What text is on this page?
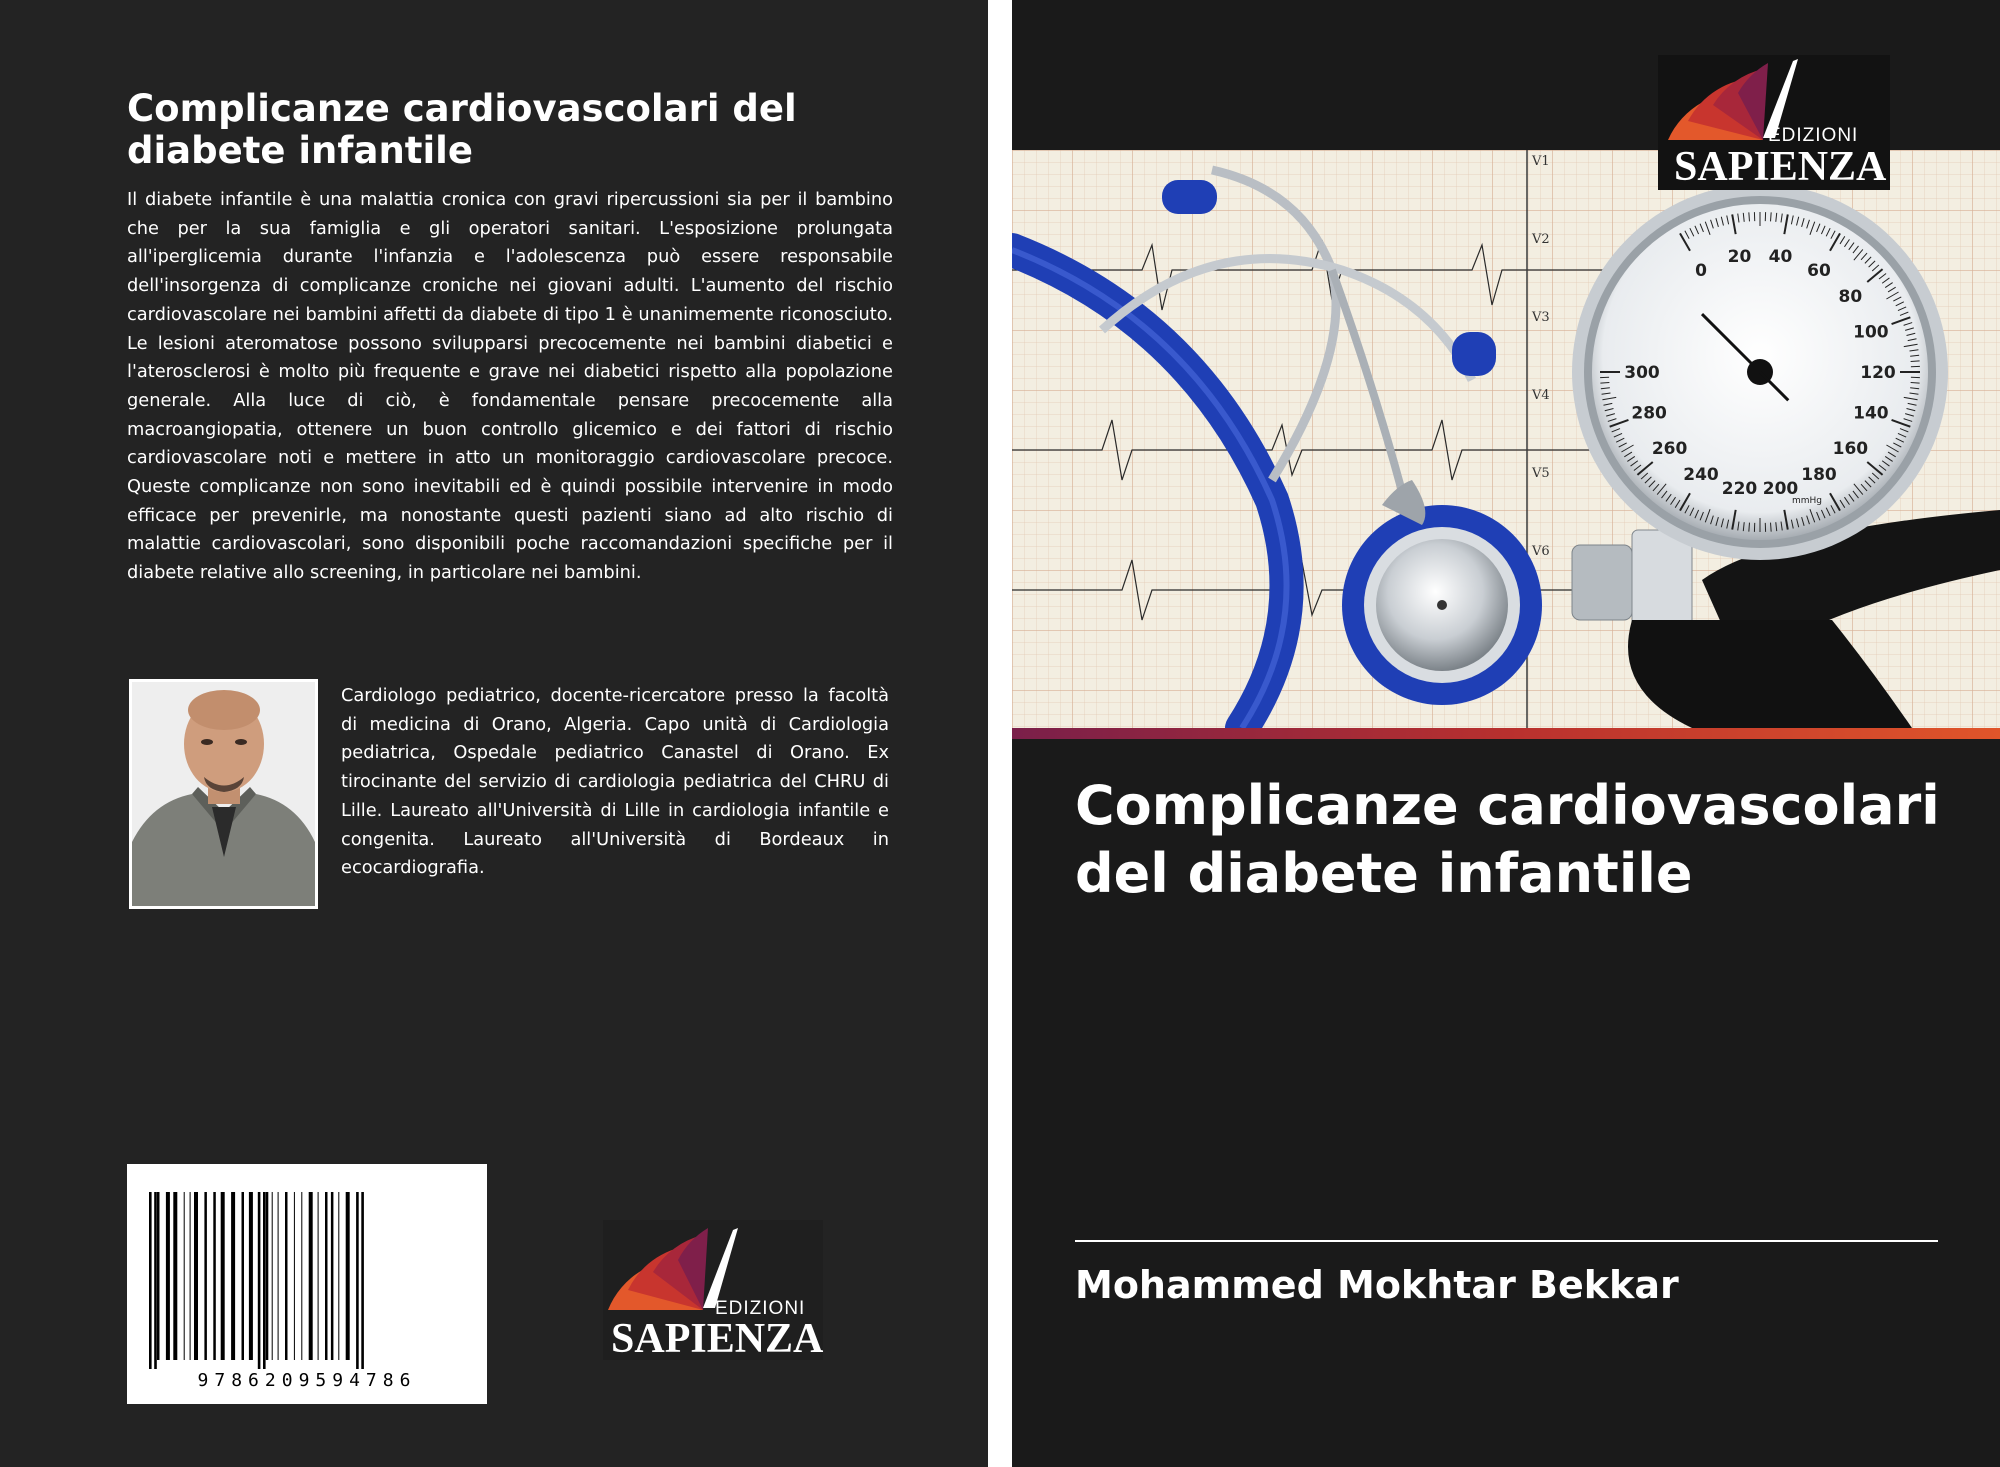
Complicanze cardiovascolari del diabete infantile

Il diabete infantile è una malattia cronica con gravi ripercussioni sia per il bambino che per la sua famiglia e gli operatori sanitari. L'esposizione prolungata all'iperglicemia durante l'infanzia e l'adolescenza può essere responsabile dell'insorgenza di complicanze croniche nei giovani adulti. L'aumento del rischio cardiovascolare nei bambini affetti da diabete di tipo 1 è unanimemente riconosciuto. Le lesioni ateromatose possono svilupparsi precocemente nei bambini diabetici e l'aterosclerosi è molto più frequente e grave nei diabetici rispetto alla popolazione generale. Alla luce di ciò, è fondamentale pensare precocemente alla macroangiopatia, ottenere un buon controllo glicemico e dei fattori di rischio cardiovascolare noti e mettere in atto un monitoraggio cardiovascolare precoce. Queste complicanze non sono inevitabili ed è quindi possibile intervenire in modo efficace per prevenirle, ma nonostante questi pazienti siano ad alto rischio di malattie cardiovascolari, sono disponibili poche raccomandazioni specifiche per il diabete relative allo screening, in particolare nei bambini.

Cardiologo pediatrico, docente-ricercatore presso la facoltà di medicina di Orano, Algeria. Capo unità di Cardiologia pediatrica, Ospedale pediatrico Canastel di Orano. Ex tirocinante del servizio di cardiologia pediatrica del CHRU di Lille. Laureato all'Università di Lille in cardiologia infantile e congenita. Laureato all'Università di Bordeaux in ecocardiografia.

9786209594786
EDIZIONI
SAPIENZA
V1
V2
V3
V4
V5
V6
0
20 40
60
80
100
120
140
160
180
200
220
240
260
280
300
mmHg
EDIZIONI
SAPIENZA
Complicanze cardiovascolari del diabete infantile

Mohammed Mokhtar Bekkar
